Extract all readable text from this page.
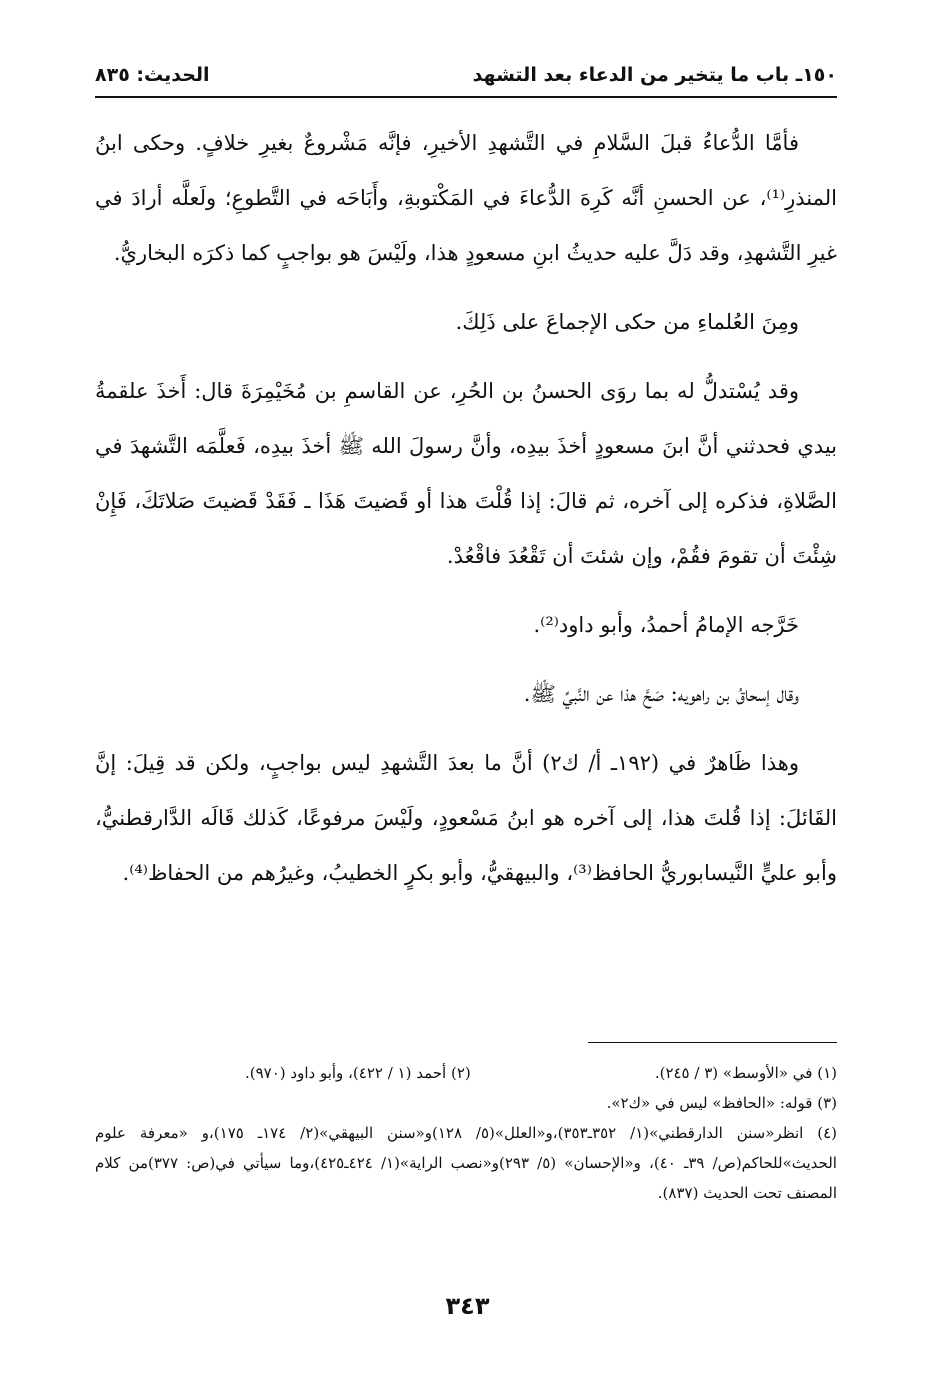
١٥٠ـ باب ما يتخير من الدعاء بعد التشهد
الحديث: ٨٣٥

فأمَّا الدُّعاءُ قبلَ السَّلامِ في التَّشهدِ الأخيرِ، فإنَّه مَشْروعٌ بغيرِ خلافٍ. وحكى ابنُ المنذرِ⁽¹⁾، عن الحسنِ أنَّه كَرِهَ الدُّعاءَ في المَكْتوبةِ، وأَبَاحَه في التَّطوعِ؛ ولَعلَّه أرادَ في غيرِ التَّشهدِ، وقد دَلَّ عليه حديثُ ابنِ مسعودٍ هذا، ولَيْسَ هو بواجبٍ كما ذكرَه البخاريُّ.

ومِنَ العُلماءِ من حكى الإجماعَ على ذَلِكَ.

وقد يُسْتدلُّ له بما روَى الحسنُ بن الحُرِ، عن القاسمِ بن مُخَيْمِرَةَ قال: أَخذَ علقمةُ بيدي فحدثني أنَّ ابنَ مسعودٍ أخذَ بيدِه، وأنَّ رسولَ الله ﷺ أخذَ بيدِه، فَعلَّمَه التَّشهدَ في الصَّلاةِ، فذكره إلى آخره، ثم قالَ: إذا قُلْتَ هذا أو قَضيتَ هَذَا ـ فَقَدْ قَضيتَ صَلاتَكَ، فَإِنْ شِئْتَ أن تقومَ فقُمْ، وإن شئتَ أن تَقْعُدَ فاقْعُدْ.

خَرَّجه الإمامُ أحمدُ، وأبو داود⁽²⁾.

وقال إسحاقُ بن راهويه: صَحَّ هذا عن النَّبيِّ ﷺ.

وهذا ظَاهرٌ في (١٩٢ـ أ/ ك٢) أنَّ ما بعدَ التَّشهدِ ليس بواجبٍ، ولكن قد قِيلَ: إنَّ القَائلَ: إذا قُلتَ هذا، إلى آخره هو ابنُ مَسْعودٍ، ولَيْسَ مرفوعًا، كَذلك قَالَه الدَّارقطنيُّ، وأبو عليٍّ النَّيسابوريُّ الحافظ⁽³⁾، والبيهقيُّ، وأبو بكرٍ الخطيبُ، وغيرُهم من الحفاظ⁽⁴⁾.

(١) في «الأوسط» (٣ / ٢٤٥).
(٢) أحمد (١ / ٤٢٢)، وأبو داود (٩٧٠).

(٣) قوله: «الحافظ» ليس في «ك٢».

(٤) انظر«سنن الدارقطني»(١/ ٣٥٢ـ٣٥٣)،و«العلل»(٥/ ١٢٨)و«سنن البيهقي»(٢/ ١٧٤ـ ١٧٥)،و «معرفة علوم الحديث»للحاكم(ص/ ٣٩ـ ٤٠)، و«الإحسان» (٥/ ٢٩٣)و«نصب الراية»(١/ ٤٢٤ـ٤٢٥)،وما سيأتي في(ص: ٣٧٧)من كلام المصنف تحت الحديث (٨٣٧).

٣٤٣
